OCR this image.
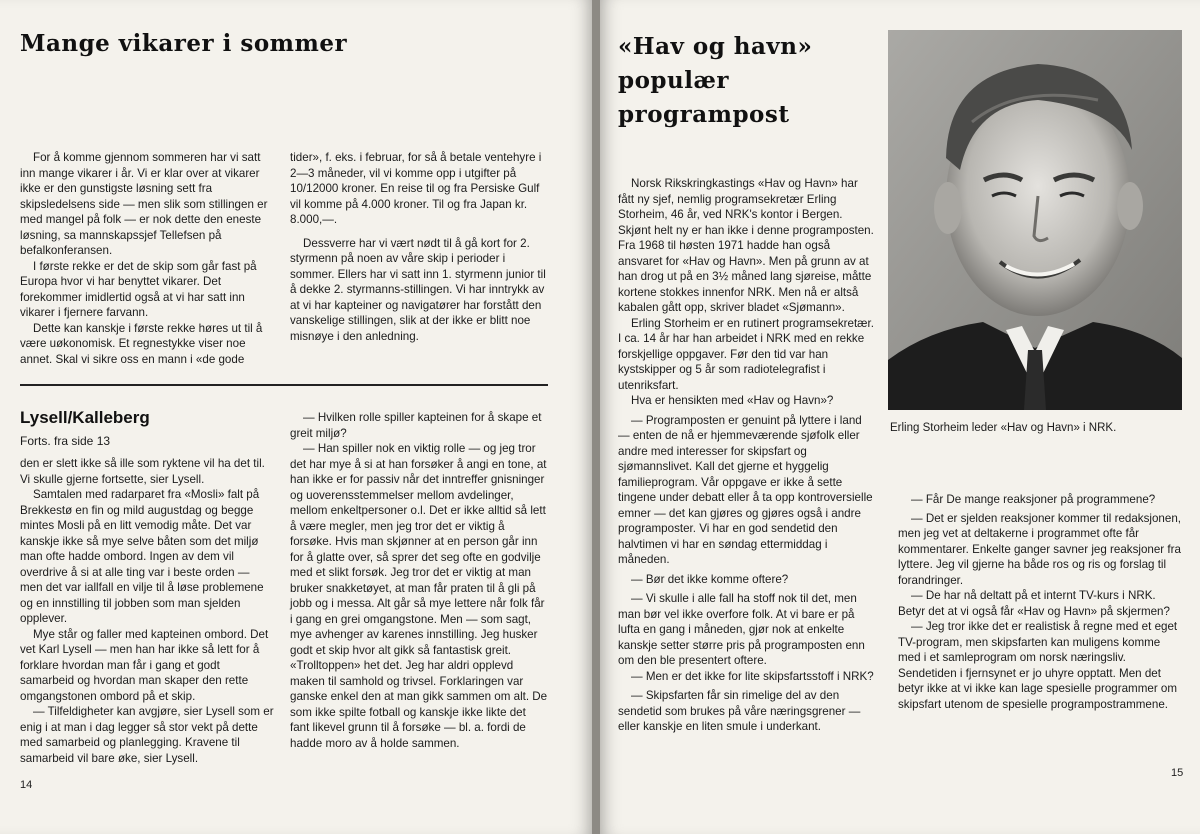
Mange vikarer i sommer

For å komme gjennom sommeren har vi satt inn mange vikarer i år. Vi er klar over at vikarer ikke er den gunstigste løsning sett fra skipsledelsens side — men slik som stillingen er med mangel på folk — er nok dette den eneste løsning, sa mannskapssjef Tellefsen på befalkonferansen.

I første rekke er det de skip som går fast på Europa hvor vi har benyttet vikarer. Det forekommer imidlertid også at vi har satt inn vikarer i fjernere farvann.

Dette kan kanskje i første rekke høres ut til å være uøkonomisk. Et regnestykke viser noe annet. Skal vi sikre oss en mann i «de gode

tider», f. eks. i februar, for så å betale ventehyre i 2—3 måneder, vil vi komme opp i utgifter på 10/12000 kroner. En reise til og fra Persiske Gulf vil komme på 4.000 kroner. Til og fra Japan kr. 8.000,—.

Dessverre har vi vært nødt til å gå kort for 2. styrmenn på noen av våre skip i perioder i sommer. Ellers har vi satt inn 1. styrmenn junior til å dekke 2. styrmanns-stillingen. Vi har inntrykk av at vi har kapteiner og navigatører har forstått den vanskelige stillingen, slik at der ikke er blitt noe misnøye i den anledning.

Lysell/Kalleberg

Forts. fra side 13

den er slett ikke så ille som ryktene vil ha det til. Vi skulle gjerne fortsette, sier Lysell.

Samtalen med radarparet fra «Mosli» falt på Brekkestø en fin og mild augustdag og begge mintes Mosli på en litt vemodig måte. Det var kanskje ikke så mye selve båten som det miljø man ofte hadde ombord. Ingen av dem vil overdrive å si at alle ting var i beste orden — men det var iallfall en vilje til å løse problemene og en innstilling til jobben som man sjelden opplever.

Mye står og faller med kapteinen ombord. Det vet Karl Lysell — men han har ikke så lett for å forklare hvordan man får i gang et godt samarbeid og hvordan man skaper den rette omgangstonen ombord på et skip.

— Tilfeldigheter kan avgjøre, sier Lysell som er enig i at man i dag legger så stor vekt på dette med samarbeid og planlegging. Kravene til samarbeid vil bare øke, sier Lysell.

— Hvilken rolle spiller kapteinen for å skape et greit miljø?

— Han spiller nok en viktig rolle — og jeg tror det har mye å si at han forsøker å angi en tone, at han ikke er for passiv når det inntreffer gnisninger og uoverensstemmelser mellom avdelinger, mellom enkeltpersoner o.l. Det er ikke alltid så lett å være megler, men jeg tror det er viktig å forsøke. Hvis man skjønner at en person går inn for å glatte over, så sprer det seg ofte en godvilje med et slikt forsøk. Jeg tror det er viktig at man bruker snakketøyet, at man får praten til å gli på jobb og i messa. Alt går så mye lettere når folk får i gang en grei omgangstone. Men — som sagt, mye avhenger av karenes innstilling. Jeg husker godt et skip hvor alt gikk så fantastisk greit. «Trolltoppen» het det. Jeg har aldri opplevd maken til samhold og trivsel. Forklaringen var ganske enkel den at man gikk sammen om alt. De som ikke spilte fotball og kanskje ikke likte det fant likevel grunn til å forsøke — bl. a. fordi de hadde moro av å holde sammen.

14

«Hav og havn»
populær
programpost

Norsk Rikskringkastings «Hav og Havn» har fått ny sjef, nemlig programsekretær Erling Storheim, 46 år, ved NRK's kontor i Bergen. Skjønt helt ny er han ikke i denne programposten. Fra 1968 til høsten 1971 hadde han også ansvaret for «Hav og Havn». Men på grunn av at han drog ut på en 3½ måned lang sjøreise, måtte kortene stokkes innenfor NRK. Men nå er altså kabalen gått opp, skriver bladet «Sjømann».

Erling Storheim er en rutinert programsekretær. I ca. 14 år har han arbeidet i NRK med en rekke forskjellige oppgaver. Før den tid var han kystskipper og 5 år som radiotelegrafist i utenriksfart.

Hva er hensikten med «Hav og Havn»?

— Programposten er genuint på lyttere i land — enten de nå er hjemmeværende sjøfolk eller andre med interesser for skipsfart og sjømannslivet. Kall det gjerne et hyggelig familieprogram. Vår oppgave er ikke å sette tingene under debatt eller å ta opp kontroversielle emner — det kan gjøres og gjøres også i andre programposter. Vi har en god sendetid den halvtimen vi har en søndag ettermiddag i måneden.

— Bør det ikke komme oftere?

— Vi skulle i alle fall ha stoff nok til det, men man bør vel ikke overfore folk. At vi bare er på lufta en gang i måneden, gjør nok at enkelte kanskje setter større pris på programposten enn om den ble presentert oftere.

— Men er det ikke for lite skipsfartsstoff i NRK?

— Skipsfarten får sin rimelige del av den sendetid som brukes på våre næringsgrener — eller kanskje en liten smule i underkant.

Erling Storheim leder «Hav og Havn» i NRK.

— Får De mange reaksjoner på programmene?

— Det er sjelden reaksjoner kommer til redaksjonen, men jeg vet at deltakerne i programmet ofte får kommentarer. Enkelte ganger savner jeg reaksjoner fra lyttere. Jeg vil gjerne ha både ros og ris og forslag til forandringer.

— De har nå deltatt på et internt TV-kurs i NRK. Betyr det at vi også får «Hav og Havn» på skjermen?

— Jeg tror ikke det er realistisk å regne med et eget TV-program, men skipsfarten kan muligens komme med i et samleprogram om norsk næringsliv. Sendetiden i fjernsynet er jo uhyre opptatt. Men det betyr ikke at vi ikke kan lage spesielle programmer om skipsfart utenom de spesielle programpostrammene.

15
